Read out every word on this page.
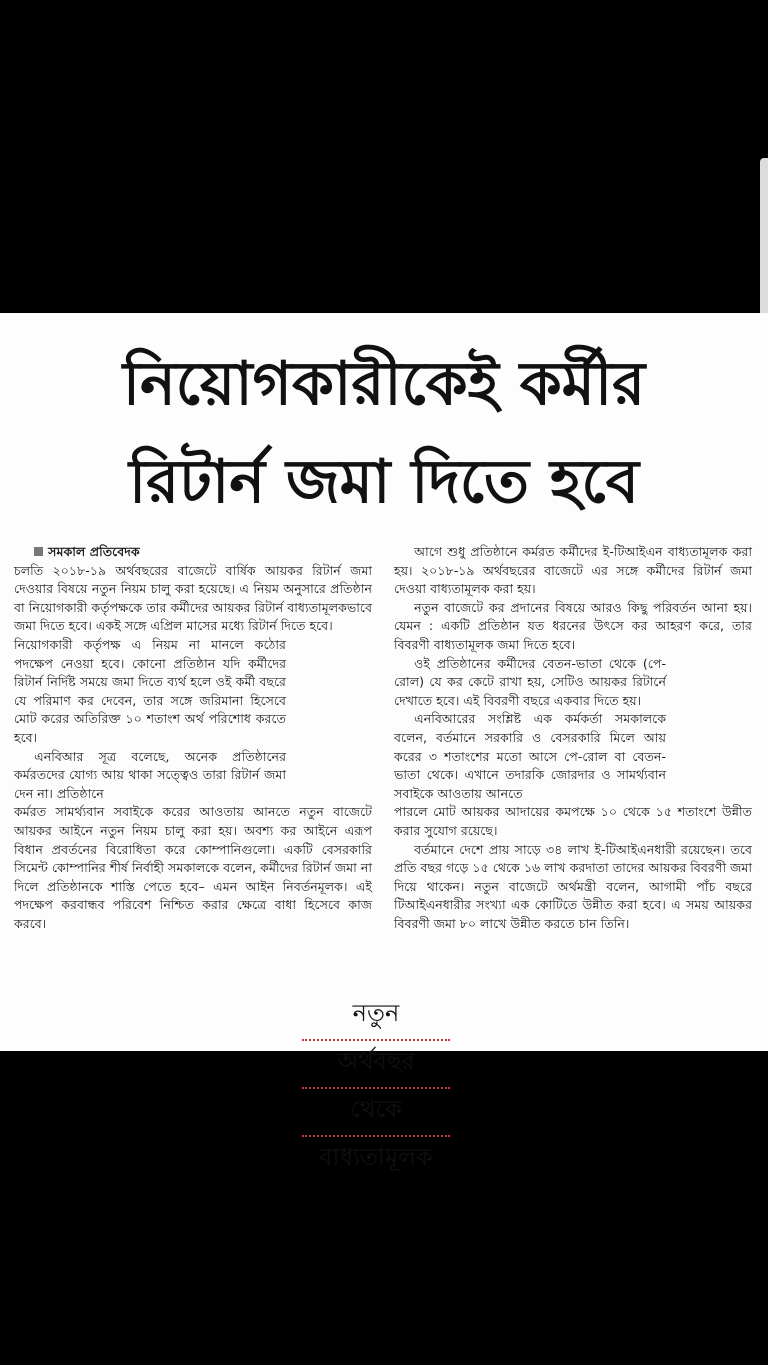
নিয়োগকারীকেই কর্মীর
রিটার্ন জমা দিতে হবে

সমকাল প্রতিবেদক

চলতি ২০১৮-১৯ অর্থবছরের বাজেটে বার্ষিক আয়কর রিটার্ন জমা দেওয়ার বিষয়ে নতুন নিয়ম চালু করা হয়েছে। এ নিয়ম অনুসারে প্রতিষ্ঠান বা নিয়োগকারী কর্তৃপক্ষকে তার কর্মীদের আয়কর রিটার্ন বাধ্যতামূলকভাবে জমা দিতে হবে। একই সঙ্গে এপ্রিল মাসের মধ্যে রিটার্ন দিতে হবে।

নিয়োগকারী কর্তৃপক্ষ এ নিয়ম না মানলে কঠোর পদক্ষেপ নেওয়া হবে। কোনো প্রতিষ্ঠান যদি কর্মীদের রিটার্ন নির্দিষ্ট সময়ে জমা দিতে ব্যর্থ হলে ওই কর্মী বছরে যে পরিমাণ কর দেবেন, তার সঙ্গে জরিমানা হিসেবে মোট করের অতিরিক্ত ১০ শতাংশ অর্থ পরিশোধ করতে হবে।

এনবিআর সূত্র বলেছে, অনেক প্রতিষ্ঠানের কর্মরতদের যোগ্য আয় থাকা সত্ত্বেও তারা রিটার্ন জমা দেন না। প্রতিষ্ঠানে

কর্মরত সামর্থ্যবান সবাইকে করের আওতায় আনতে নতুন বাজেটে আয়কর আইনে নতুন নিয়ম চালু করা হয়। অবশ্য কর আইনে এরূপ বিধান প্রবর্তনের বিরোধিতা করে কোম্পানিগুলো। একটি বেসরকারি সিমেন্ট কোম্পানির শীর্ষ নির্বাহী সমকালকে বলেন, কর্মীদের রিটার্ন জমা না দিলে প্রতিষ্ঠানকে শাস্তি পেতে হবে– এমন আইন নিবর্তনমূলক। এই পদক্ষেপ করবান্ধব পরিবেশ নিশ্চিত করার ক্ষেত্রে বাধা হিসেবে কাজ করবে।

নতুন
অর্থবছর
থেকে
বাধ্যতামূলক

আগে শুধু প্রতিষ্ঠানে কর্মরত কর্মীদের ই-টিআইএন বাধ্যতামূলক করা হয়। ২০১৮-১৯ অর্থবছরের বাজেটে এর সঙ্গে কর্মীদের রিটার্ন জমা দেওয়া বাধ্যতামূলক করা হয়।

নতুন বাজেটে কর প্রদানের বিষয়ে আরও কিছু পরিবর্তন আনা হয়। যেমন : একটি প্রতিষ্ঠান যত ধরনের উৎসে কর আহরণ করে, তার বিবরণী বাধ্যতামূলক জমা দিতে হবে।

ওই প্রতিষ্ঠানের কর্মীদের বেতন-ভাতা থেকে (পে-রোল) যে কর কেটে রাখা হয়, সেটিও আয়কর রিটার্নে দেখাতে হবে। এই বিবরণী বছরে একবার দিতে হয়।

এনবিআরের সংশ্লিষ্ট এক কর্মকর্তা সমকালকে বলেন, বর্তমানে সরকারি ও বেসরকারি মিলে আয় করের ৩ শতাংশের মতো আসে পে-রোল বা বেতন-ভাতা থেকে। এখানে তদারকি জোরদার ও সামর্থ্যবান সবাইকে আওতায় আনতে

পারলে মোট আয়কর আদায়ের কমপক্ষে ১০ থেকে ১৫ শতাংশে উন্নীত করার সুযোগ রয়েছে।

বর্তমানে দেশে প্রায় সাড়ে ৩৪ লাখ ই-টিআইএনধারী রয়েছেন। তবে প্রতি বছর গড়ে ১৫ থেকে ১৬ লাখ করদাতা তাদের আয়কর বিবরণী জমা দিয়ে থাকেন। নতুন বাজেটে অর্থমন্ত্রী বলেন, আগামী পাঁচ বছরে টিআইএনধারীর সংখ্যা এক কোটিতে উন্নীত করা হবে। এ সময় আয়কর বিবরণী জমা ৮০ লাখে উন্নীত করতে চান তিনি।
